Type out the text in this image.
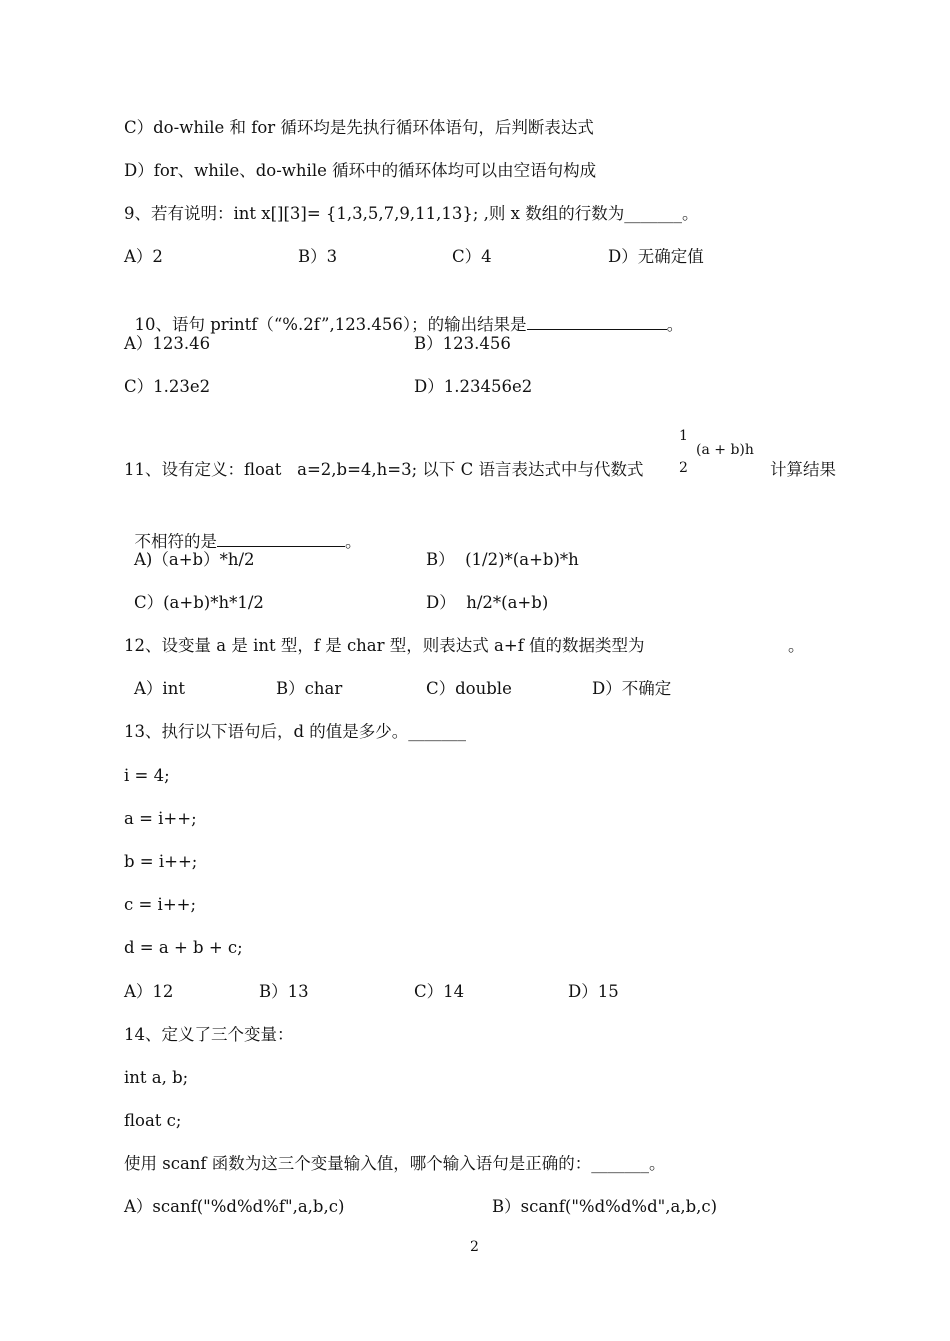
C）do-while 和 for 循环均是先执行循环体语句，后判断表达式
D）for、while、do-while 循环中的循环体均可以由空语句构成
9、若有说明：int x[][3]= {1,3,5,7,9,11,13}; ,则 x 数组的行数为_______。
A）2	B）3	C）4	D）无确定值

10、语句 printf（“%.2f”,123.456）；的输出结果是	。

A）123.46	B）123.456
C）1.23e2	D）1.23456e2
11、设有定义：float   a=2,b=4,h=3; 以下 C 语言表达式中与代数式
1
2
(a + b)h
计算结果

不相符的是	。

A)（a+b）*h/2	B）  (1/2)*(a+b)*h
C）(a+b)*h*1/2	D）  h/2*(a+b)
12、设变量 a 是 int 型，f 是 char 型，则表达式 a+f 值的数据类型为	。
A）int	B）char	C）double	D）不确定
13、执行以下语句后，d 的值是多少。_______
i = 4;
a = i++;
b = i++;
c = i++;
d = a + b + c;
A）12	B）13	C）14	D）15
14、定义了三个变量：
int a, b;
float c;
使用 scanf 函数为这三个变量输入值，哪个输入语句是正确的：_______。
A）scanf("%d%d%f",a,b,c)	B）scanf("%d%d%d",a,b,c)
2
